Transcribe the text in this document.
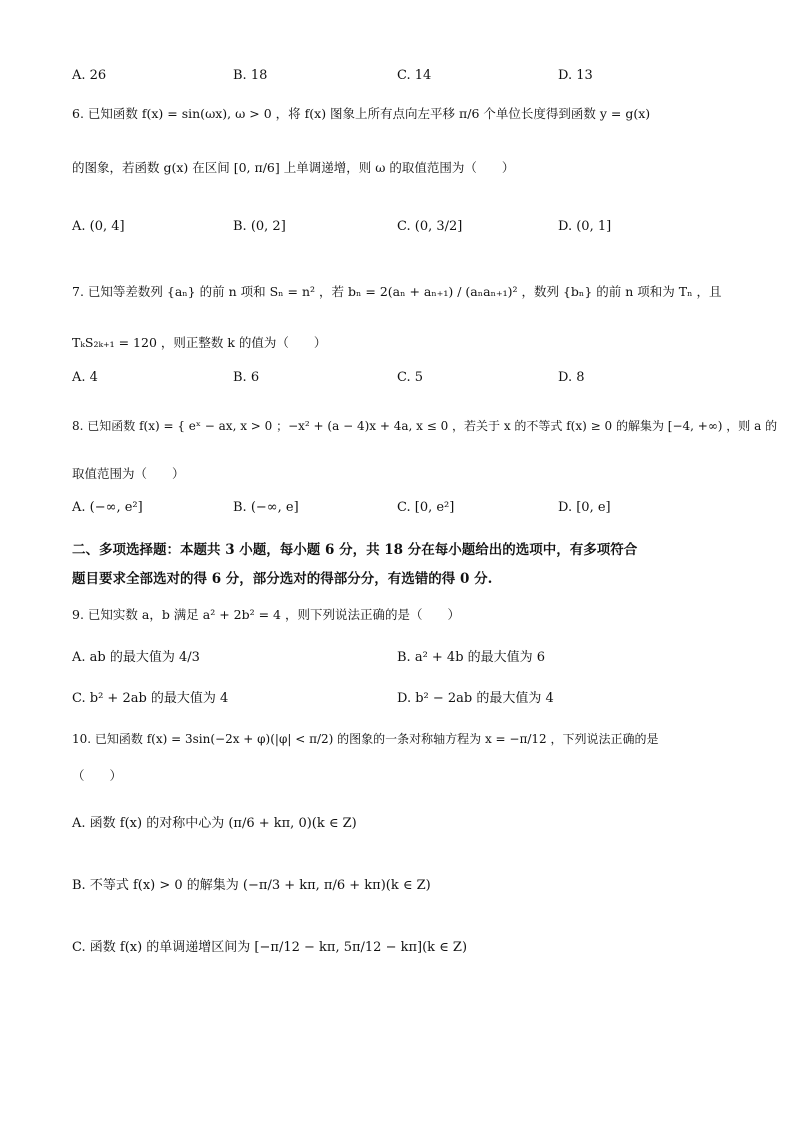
A. 26	B. 18	C. 14	D. 13
6. 已知函数 f(x) = sin(ωx), ω > 0 ，将 f(x) 图象上所有点向左平移 π/6 个单位长度得到函数 y = g(x)
的图象，若函数 g(x) 在区间 [0, π/6] 上单调递增，则 ω 的取值范围为（　　）
A. (0, 4]	B. (0, 2]	C. (0, 3/2]	D. (0, 1]
7. 已知等差数列 {aₙ} 的前 n 项和 Sₙ = n² ，若 bₙ = 2(aₙ + aₙ₊₁) / (aₙaₙ₊₁)² ，数列 {bₙ} 的前 n 项和为 Tₙ ，且
TₖS₂ₖ₊₁ = 120 ，则正整数 k 的值为（　　）
A. 4	B. 6	C. 5	D. 8
8. 已知函数 f(x) = { eˣ − ax, x > 0 ；−x² + (a − 4)x + 4a, x ≤ 0 ，若关于 x 的不等式 f(x) ≥ 0 的解集为 [−4, +∞) ，则 a 的
取值范围为（　　）
A. (−∞, e²]	B. (−∞, e]	C. [0, e²]	D. [0, e]
二、多项选择题：本题共 3 小题，每小题 6 分，共 18 分在每小题给出的选项中，有多项符合
题目要求全部选对的得 6 分，部分选对的得部分分，有选错的得 0 分.
9. 已知实数 a，b 满足 a² + 2b² = 4 ，则下列说法正确的是（　　）
A. ab 的最大值为 4/3	B. a² + 4b 的最大值为 6
C. b² + 2ab 的最大值为 4	D. b² − 2ab 的最大值为 4
10. 已知函数 f(x) = 3sin(−2x + φ)(|φ| < π/2) 的图象的一条对称轴方程为 x = −π/12 ，下列说法正确的是
（　　）
A. 函数 f(x) 的对称中心为 (π/6 + kπ, 0)(k ∈ Z)
B. 不等式 f(x) > 0 的解集为 (−π/3 + kπ, π/6 + kπ)(k ∈ Z)
C. 函数 f(x) 的单调递增区间为 [−π/12 − kπ, 5π/12 − kπ](k ∈ Z)
